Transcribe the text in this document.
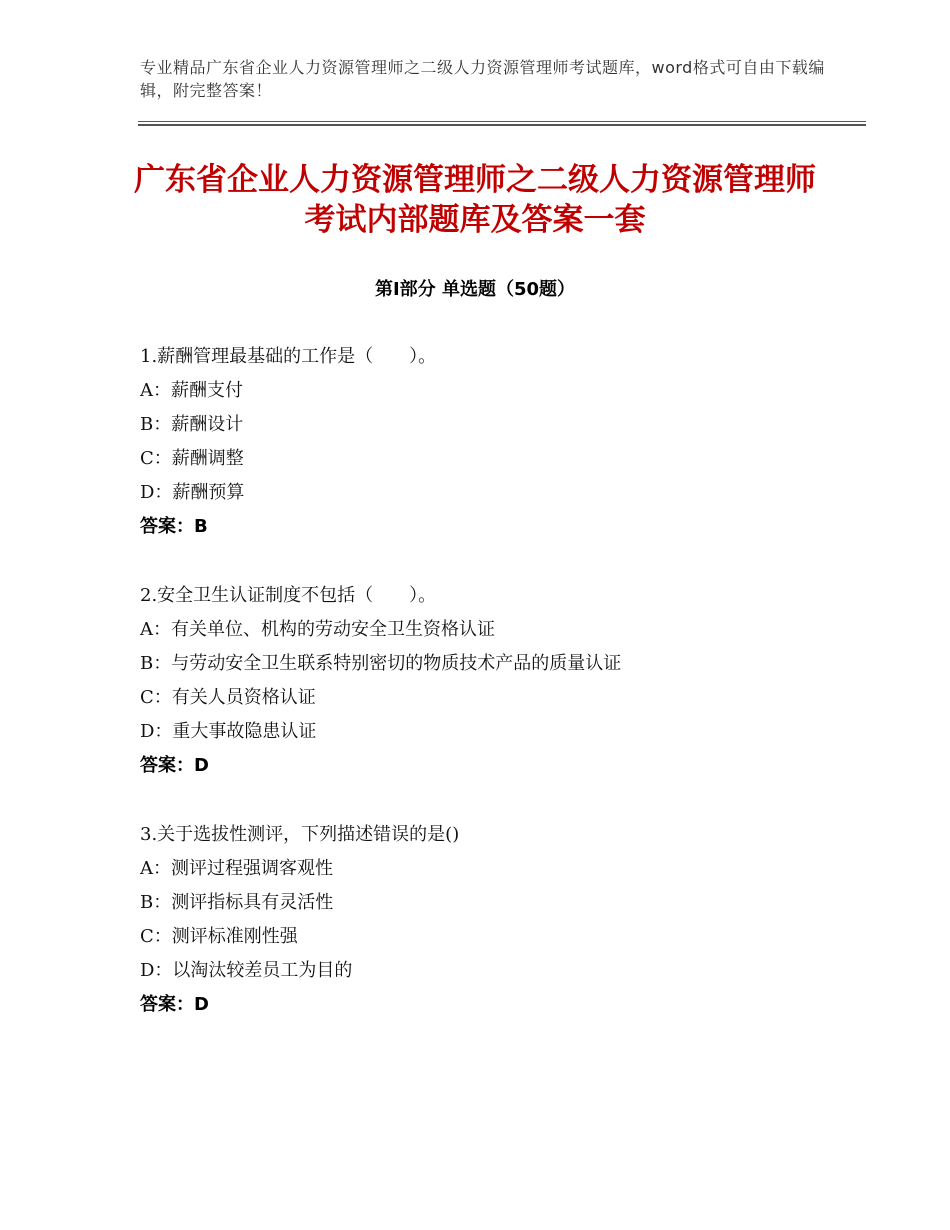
专业精品广东省企业人力资源管理师之二级人力资源管理师考试题库，word格式可自由下载编辑，附完整答案！
广东省企业人力资源管理师之二级人力资源管理师考试内部题库及答案一套
第Ⅰ部分 单选题（50题）
1.薪酬管理最基础的工作是（　　）。
A：薪酬支付
B：薪酬设计
C：薪酬调整
D：薪酬预算
答案：B
2.安全卫生认证制度不包括（　　）。
A：有关单位、机构的劳动安全卫生资格认证
B：与劳动安全卫生联系特别密切的物质技术产品的质量认证
C：有关人员资格认证
D：重大事故隐患认证
答案：D
3.关于选拔性测评，下列描述错误的是()
A：测评过程强调客观性
B：测评指标具有灵活性
C：测评标准刚性强
D：以淘汰较差员工为目的
答案：D
